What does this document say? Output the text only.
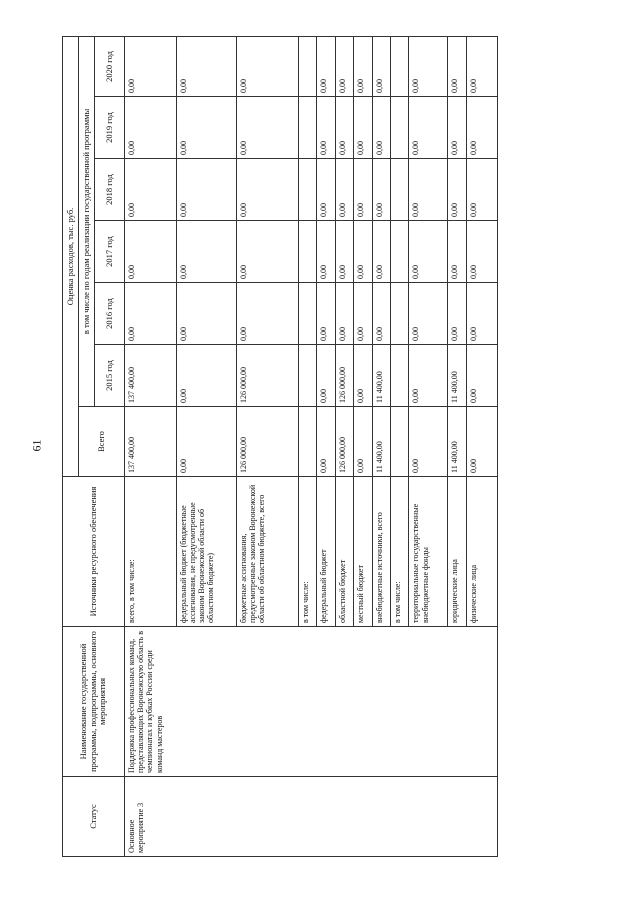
61
Статус	Наименование государственной программы, подпрограммы, основного мероприятия	Источники ресурсного обеспечения	Оценка расходов, тыс. руб.						
			Всего	в том числе по годам реализации государственной программы					
				2015 год	2016 год	2017 год	2018 год	2019 год	2020 год
Основное мероприятие 3	Поддержка профессиональных команд, представляющих Воронежскую область в чемпионатах и кубках России среди команд мастеров	всего, в том числе:	137 400,00	137 400,00	0,00	0,00	0,00	0,00	0,00
		федеральный бюджет (бюджетные ассигнования, не предусмотренные законом Воронежской области об областном бюджете)	0,00	0,00	0,00	0,00	0,00	0,00	0,00
		бюджетные ассигнования, предусмотренные законом Воронежской области об областном бюджете, всего	126 000,00	126 000,00	0,00	0,00	0,00	0,00	0,00
		в том числе:							
		федеральный бюджет	0,00	0,00	0,00	0,00	0,00	0,00	0,00
		областной бюджет	126 000,00	126 000,00	0,00	0,00	0,00	0,00	0,00
		местный бюджет	0,00	0,00	0,00	0,00	0,00	0,00	0,00
		внебюджетные источники, всего	11 400,00	11 400,00	0,00	0,00	0,00	0,00	0,00
		в том числе:							
		территориальные государственные внебюджетные фонды	0,00	0,00	0,00	0,00	0,00	0,00	0,00
		юридические лица	11 400,00	11 400,00	0,00	0,00	0,00	0,00	0,00
		физические лица	0,00	0,00	0,00	0,00	0,00	0,00	0,00
